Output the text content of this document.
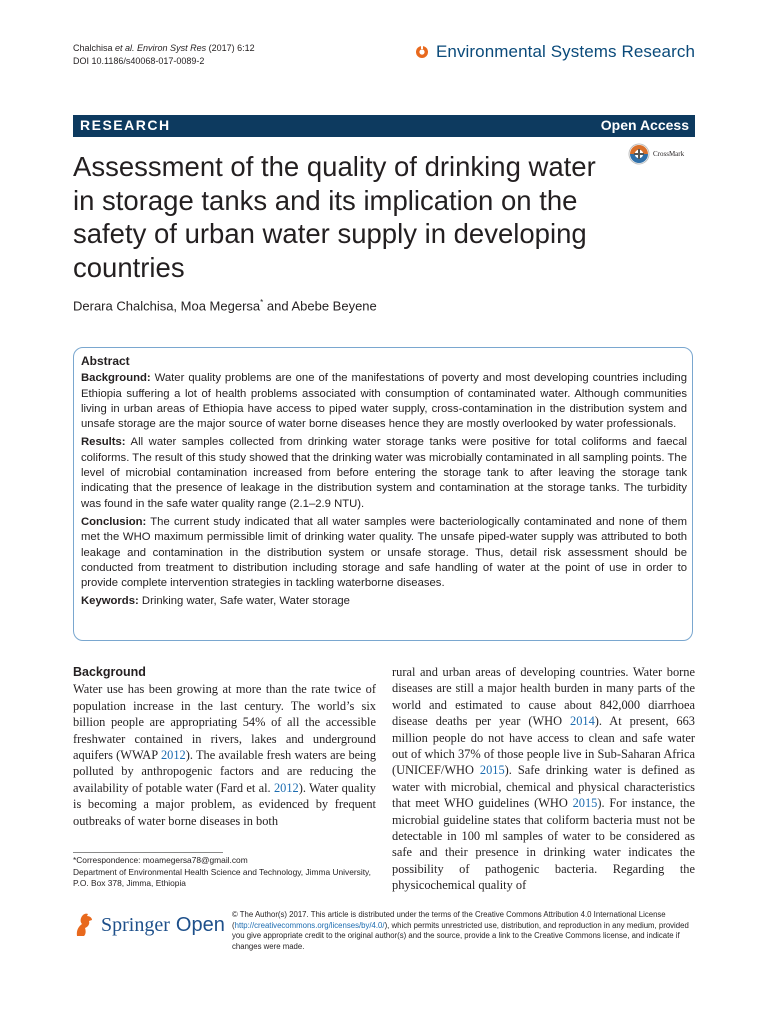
Chalchisa et al. Environ Syst Res (2017) 6:12
DOI 10.1186/s40068-017-0089-2	Environmental Systems Research
RESEARCH	Open Access
CrossMark
Assessment of the quality of drinking water in storage tanks and its implication on the safety of urban water supply in developing countries
Derara Chalchisa, Moa Megersa* and Abebe Beyene
Abstract

Background: Water quality problems are one of the manifestations of poverty and most developing countries including Ethiopia suffering a lot of health problems associated with consumption of contaminated water. Although communities living in urban areas of Ethiopia have access to piped water supply, cross-contamination in the distribution system and unsafe storage are the major source of water borne diseases hence they are mostly overlooked by water professionals.

Results: All water samples collected from drinking water storage tanks were positive for total coliforms and faecal coliforms. The result of this study showed that the drinking water was microbially contaminated in all sampling points. The level of microbial contamination increased from before entering the storage tank to after leaving the storage tank indicating that the presence of leakage in the distribution system and contamination at the storage tanks. The turbidity was found in the safe water quality range (2.1–2.9 NTU).

Conclusion: The current study indicated that all water samples were bacteriologically contaminated and none of them met the WHO maximum permissible limit of drinking water quality. The unsafe piped-water supply was attributed to both leakage and contamination in the distribution system or unsafe storage. Thus, detail risk assessment should be conducted from treatment to distribution including storage and safe handling of water at the point of use in order to provide complete intervention strategies in tackling waterborne diseases.

Keywords: Drinking water, Safe water, Water storage

Background

Water use has been growing at more than the rate twice of population increase in the last century. The world’s six billion people are appropriating 54% of all the accessible freshwater contained in rivers, lakes and underground aquifers (WWAP 2012). The available fresh waters are being polluted by anthropogenic factors and are reducing the availability of potable water (Fard et al. 2012). Water quality is becoming a major problem, as evidenced by frequent outbreaks of water borne diseases in both

rural and urban areas of developing countries. Water borne diseases are still a major health burden in many parts of the world and estimated to cause about 842,000 diarrhoea disease deaths per year (WHO 2014). At present, 663 million people do not have access to clean and safe water out of which 37% of those people live in Sub-Saharan Africa (UNICEF/WHO 2015). Safe drinking water is defined as water with microbial, chemical and physical characteristics that meet WHO guidelines (WHO 2015). For instance, the microbial guideline states that coliform bacteria must not be detectable in 100 ml samples of water to be considered as safe and their presence in drinking water indicates the possibility of pathogenic bacteria. Regarding the physicochemical quality of

*Correspondence: moamegersa78@gmail.com
Department of Environmental Health Science and Technology, Jimma University, P.O. Box 378, Jimma, Ethiopia
Springer Open © The Author(s) 2017. This article is distributed under the terms of the Creative Commons Attribution 4.0 International License (http://creativecommons.org/licenses/by/4.0/), which permits unrestricted use, distribution, and reproduction in any medium, provided you give appropriate credit to the original author(s) and the source, provide a link to the Creative Commons license, and indicate if changes were made.
